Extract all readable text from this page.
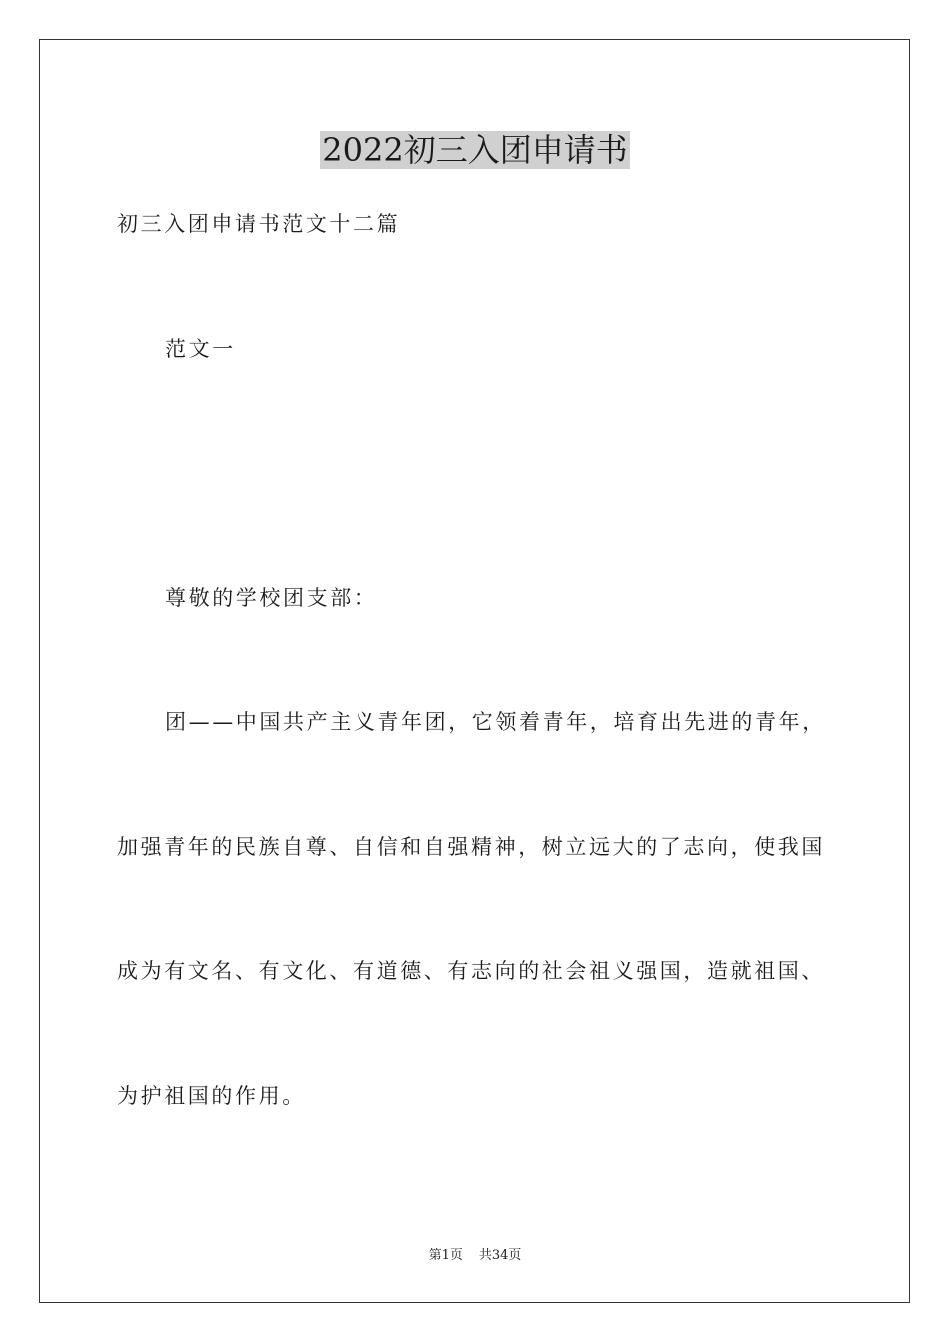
2022初三入团申请书
初三入团申请书范文十二篇
范文一
尊敬的学校团支部：
团——中国共产主义青年团，它领着青年，培育出先进的青年，
加强青年的民族自尊、自信和自强精神，树立远大的了志向，使我国
成为有文名、有文化、有道德、有志向的社会祖义强国，造就祖国、
为护祖国的作用。
第1页 共34页
